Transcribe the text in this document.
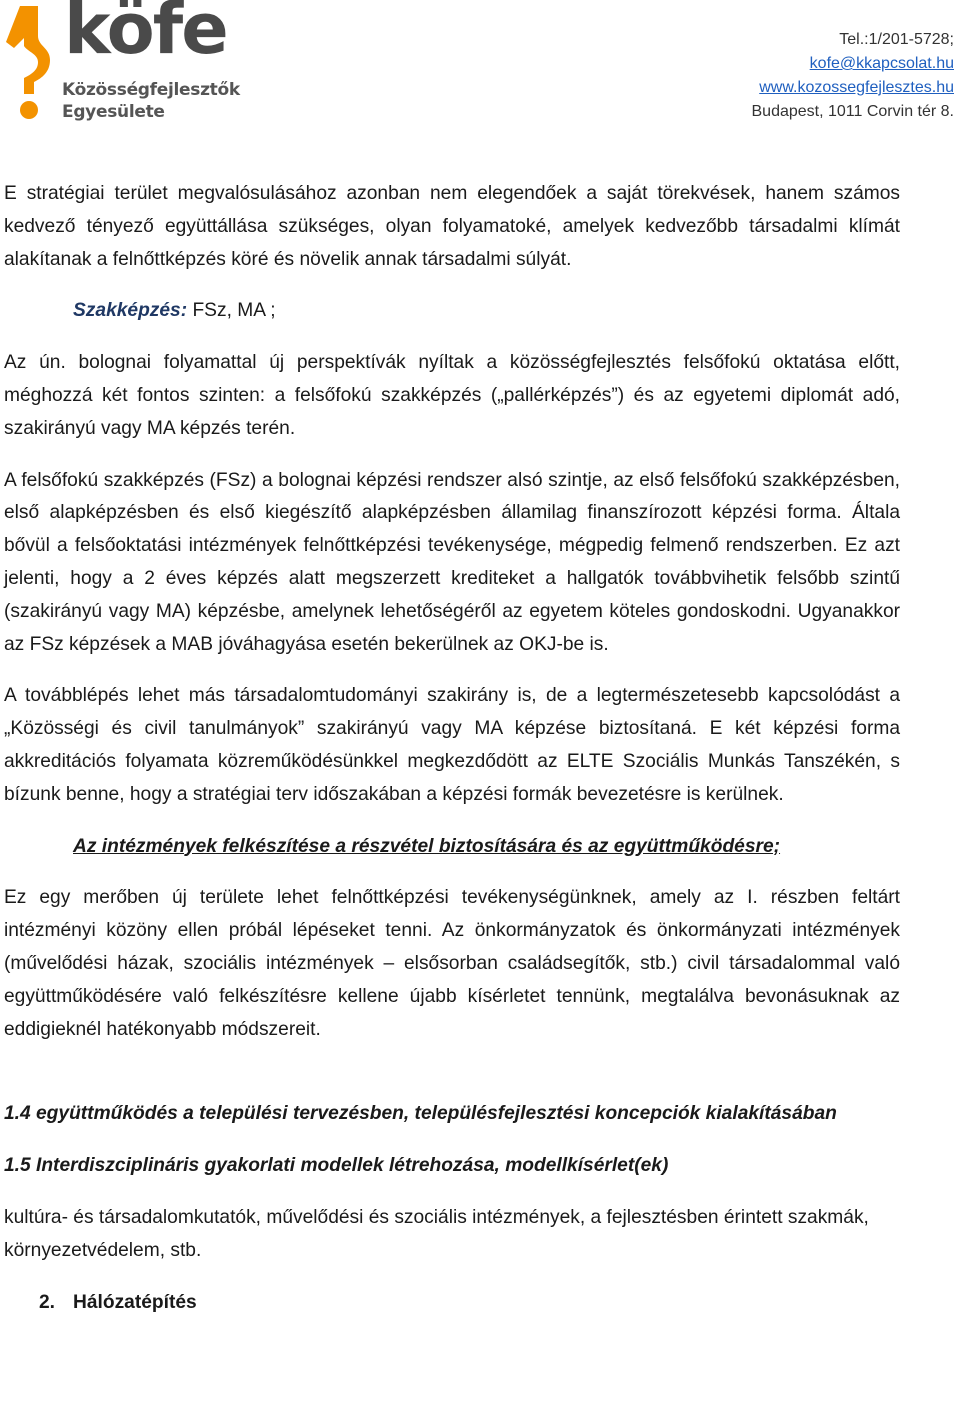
köfe
Közösségfejlesztők
Egyesülete
Tel.:1/201-5728;
kofe@kkapcsolat.hu
www.kozossegfejlesztes.hu
Budapest, 1011 Corvin tér 8.

E stratégiai terület megvalósulásához azonban nem elegendőek a saját törekvések, hanem számos kedvező tényező együttállása szükséges, olyan folyamatoké, amelyek kedvezőbb társadalmi klímát alakítanak a felnőttképzés köré és növelik annak társadalmi súlyát.

Szakképzés: FSz, MA ;

Az ún. bolognai folyamattal új perspektívák nyíltak a közösségfejlesztés felsőfokú oktatása előtt, méghozzá két fontos szinten: a felsőfokú szakképzés („pallérképzés”) és az egyetemi diplomát adó, szakirányú vagy MA képzés terén.

A felsőfokú szakképzés (FSz) a bolognai képzési rendszer alsó szintje, az első felsőfokú szakképzésben, első alapképzésben és első kiegészítő alapképzésben államilag finanszírozott képzési forma. Általa bővül a felsőoktatási intézmények felnőttképzési tevékenysége, mégpedig felmenő rendszerben. Ez azt jelenti, hogy a 2 éves képzés alatt megszerzett krediteket a hallgatók továbbvihetik felsőbb szintű (szakirányú vagy MA) képzésbe, amelynek lehetőségéről az egyetem köteles gondoskodni. Ugyanakkor az FSz képzések a MAB jóváhagyása esetén bekerülnek az OKJ-be is.

A továbblépés lehet más társadalomtudományi szakirány is, de a legtermészetesebb kapcsolódást a „Közösségi és civil tanulmányok” szakirányú vagy MA képzése biztosítaná. E két képzési forma akkreditációs folyamata közreműködésünkkel megkezdődött az ELTE Szociális Munkás Tanszékén, s bízunk benne, hogy a stratégiai terv időszakában a képzési formák bevezetésre is kerülnek.

Az intézmények felkészítése a részvétel biztosítására és az együttműködésre;

Ez egy merőben új területe lehet felnőttképzési tevékenységünknek, amely az I. részben feltárt intézményi közöny ellen próbál lépéseket tenni. Az önkormányzatok és önkormányzati intézmények (művelődési házak, szociális intézmények – elsősorban családsegítők, stb.) civil társadalommal való együttműködésére való felkészítésre kellene újabb kísérletet tennünk, megtalálva bevonásuknak az eddigieknél hatékonyabb módszereit.

1.4 együttműködés a települési tervezésben, településfejlesztési koncepciók kialakításában

1.5 Interdiszciplináris gyakorlati modellek létrehozása, modellkísérlet(ek)

kultúra- és társadalomkutatók, művelődési és szociális intézmények, a fejlesztésben érintett szakmák, környezetvédelem, stb.

2. Hálózatépítés
